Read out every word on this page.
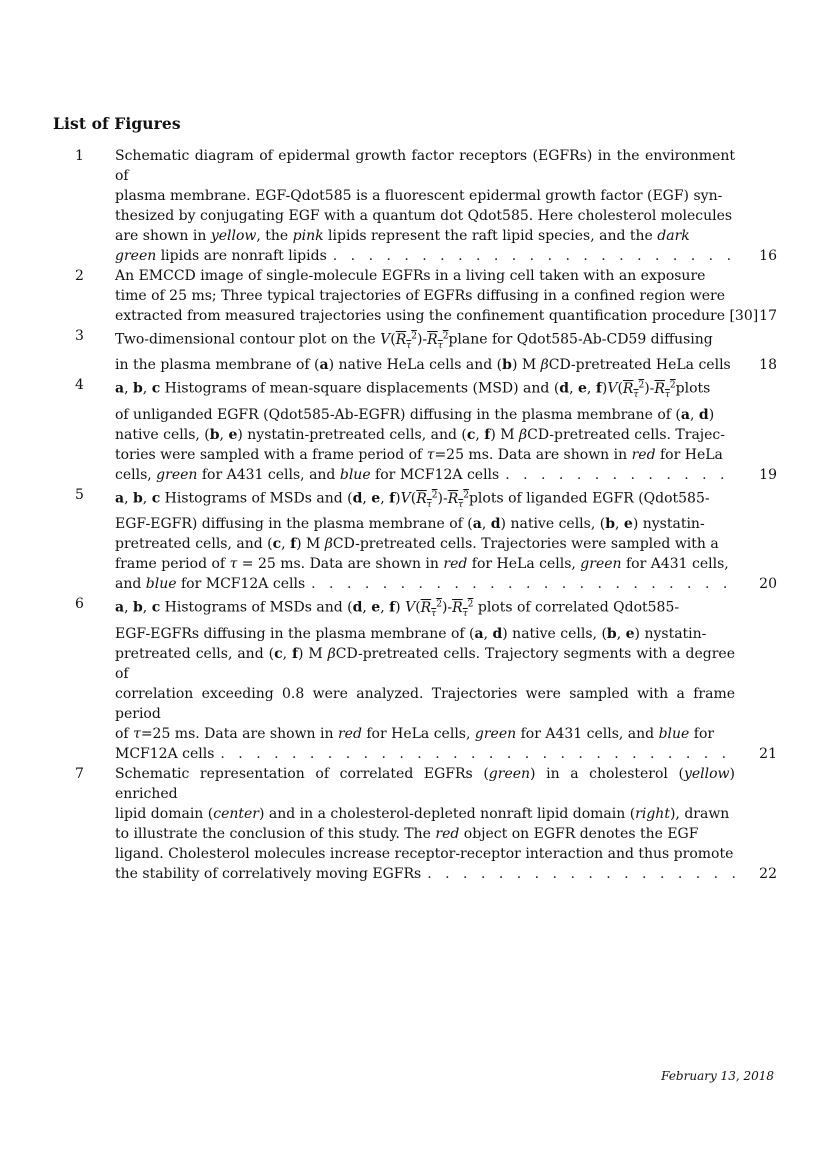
List of Figures
1	Schematic diagram of epidermal growth factor receptors (EGFRs) in the environment of
plasma membrane. EGF-Qdot585 is a fluorescent epidermal growth factor (EGF) syn-
thesized by conjugating EGF with a quantum dot Qdot585. Here cholesterol molecules
are shown in yellow, the pink lipids represent the raft lipid species, and the dark
green lipids are nonraft lipids . . .	16
2	An EMCCD image of single-molecule EGFRs in a living cell taken with an exposure
time of 25 ms; Three typical trajectories of EGFRs diffusing in a confined region were
extracted from measured trajectories using the confinement quantification procedure [30] 17
3	Two-dimensional contour plot on the $V(R_\tau^2)-R_\tau^2plane$ for Qdot585-Ab-CD59 diffusing
in the plasma membrane of (a) native HeLa cells and (b) M βCD-pretreated HeLa cells	18
4	a, b, c Histograms of mean-square displacements (MSD) and (d, e, $f)V(R_\tau^2)-R_\tau^2plots$
of unliganded EGFR (Qdot585-Ab-EGFR) diffusing in the plasma membrane of (a, d)
native cells, (b, e) nystatin-pretreated cells, and (c, f) M βCD-pretreated cells. Trajec-
tories were sampled with a frame period of τ=25 ms. Data are shown in red for HeLa
cells, green for A431 cells, and blue for MCF12A cells . . .	19
5	a, b, c Histograms of MSDs and (d, e, $f)V(R_\tau^2)-R_\tau^2plots$ of liganded EGFR (Qdot585-
EGF-EGFR) diffusing in the plasma membrane of (a, d) native cells, (b, e) nystatin-
pretreated cells, and (c, f) M βCD-pretreated cells. Trajectories were sampled with a
frame period of τ = 25 ms. Data are shown in red for HeLa cells, green for A431 cells,
and blue for MCF12A cells . . .	20
6	a, b, c Histograms of MSDs and (d, e, f) $V(R_\tau^2)-R_\tau^2$ plots of correlated Qdot585-
EGF-EGFRs diffusing in the plasma membrane of (a, d) native cells, (b, e) nystatin-
pretreated cells, and (c, f) M βCD-pretreated cells. Trajectory segments with a degree of
correlation exceeding 0.8 were analyzed. Trajectories were sampled with a frame period
of τ=25 ms. Data are shown in red for HeLa cells, green for A431 cells, and blue for
MCF12A cells . . .	21
7	Schematic representation of correlated EGFRs (green) in a cholesterol (yellow) enriched
lipid domain (center) and in a cholesterol-depleted nonraft lipid domain (right), drawn
to illustrate the conclusion of this study. The red object on EGFR denotes the EGF
ligand. Cholesterol molecules increase receptor-receptor interaction and thus promote
the stability of correlatively moving EGFRs . . .	22
February 13, 2018
